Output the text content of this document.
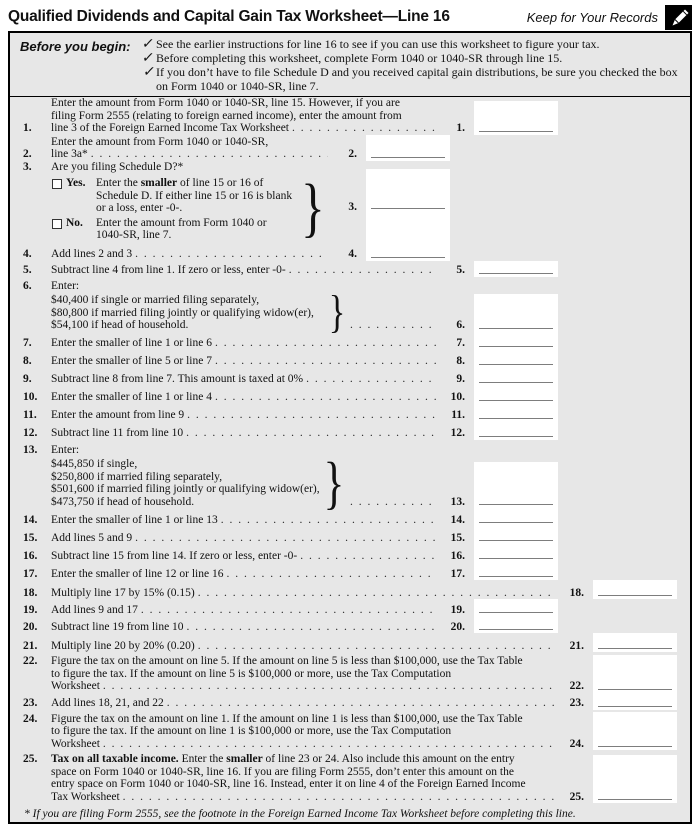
Qualified Dividends and Capital Gain Tax Worksheet—Line 16	Keep for Your Records
Before you begin: ✓ See the earlier instructions for line 16 to see if you can use this worksheet to figure your tax.
✓ Before completing this worksheet, complete Form 1040 or 1040-SR through line 15.
✓ If you don’t have to file Schedule D and you received capital gain distributions, be sure you checked the box on Form 1040 or 1040-SR, line 7.
1.
Enter the amount from Form 1040 or 1040-SR, line 15. However, if you are
filing Form 2555 (relating to foreign earned income), enter the amount from
line 3 of the Foreign Earned Income Tax Worksheet . . .	1.
2.
Enter the amount from Form 1040 or 1040-SR,
line 3a* . . .	2.
3.	Are you filing Schedule D?*
Yes. Enter the smaller of line 15 or 16 of
Schedule D. If either line 15 or 16 is blank
or a loss, enter -0-.
No.	Enter the amount from Form 1040 or
1040-SR, line 7.	}	3.
4.	Add lines 2 and 3 . . .	4.
5.	Subtract line 4 from line 1. If zero or less, enter -0- . . .	5.
6.	Enter:
$40,400 if single or married filing separately,
$80,800 if married filing jointly or qualifying widow(er),
$54,100 if head of household.	} . . .	6.
7.	Enter the smaller of line 1 or line 6 . . .	7.
8.	Enter the smaller of line 5 or line 7 . . .	8.
9.	Subtract line 8 from line 7. This amount is taxed at 0% . . .	9.
10.	Enter the smaller of line 1 or line 4 . . .	10.
11.	Enter the amount from line 9 . . .	11.
12.	Subtract line 11 from line 10 . . .	12.
13.	Enter:
$445,850 if single,
$250,800 if married filing separately,
$501,600 if married filing jointly or qualifying widow(er),
$473,750 if head of household.	} . . .	13.
14.	Enter the smaller of line 1 or line 13 . . .	14.
15.	Add lines 5 and 9 . . .	15.
16.	Subtract line 15 from line 14. If zero or less, enter -0- . . .	16.
17.	Enter the smaller of line 12 or line 16 . . .	17.
18.	Multiply line 17 by 15% (0.15) . . .	18.
19.	Add lines 9 and 17 . . .	19.
20.	Subtract line 19 from line 10 . . .	20.
21.	Multiply line 20 by 20% (0.20) . . .	21.
22.	Figure the tax on the amount on line 5. If the amount on line 5 is less than $100,000, use the Tax Table
to figure the tax. If the amount on line 5 is $100,000 or more, use the Tax Computation
Worksheet . . .	22.
23.	Add lines 18, 21, and 22 . . .	23.
24.	Figure the tax on the amount on line 1. If the amount on line 1 is less than $100,000, use the Tax Table
to figure the tax. If the amount on line 1 is $100,000 or more, use the Tax Computation
Worksheet . . .	24.
25.	Tax on all taxable income. Enter the smaller of line 23 or 24. Also include this amount on the entry
space on Form 1040 or 1040-SR, line 16. If you are filing Form 2555, don’t enter this amount on the
entry space on Form 1040 or 1040-SR, line 16. Instead, enter it on line 4 of the Foreign Earned Income
Tax Worksheet . . .	25.
* If you are filing Form 2555, see the footnote in the Foreign Earned Income Tax Worksheet before completing this line.
